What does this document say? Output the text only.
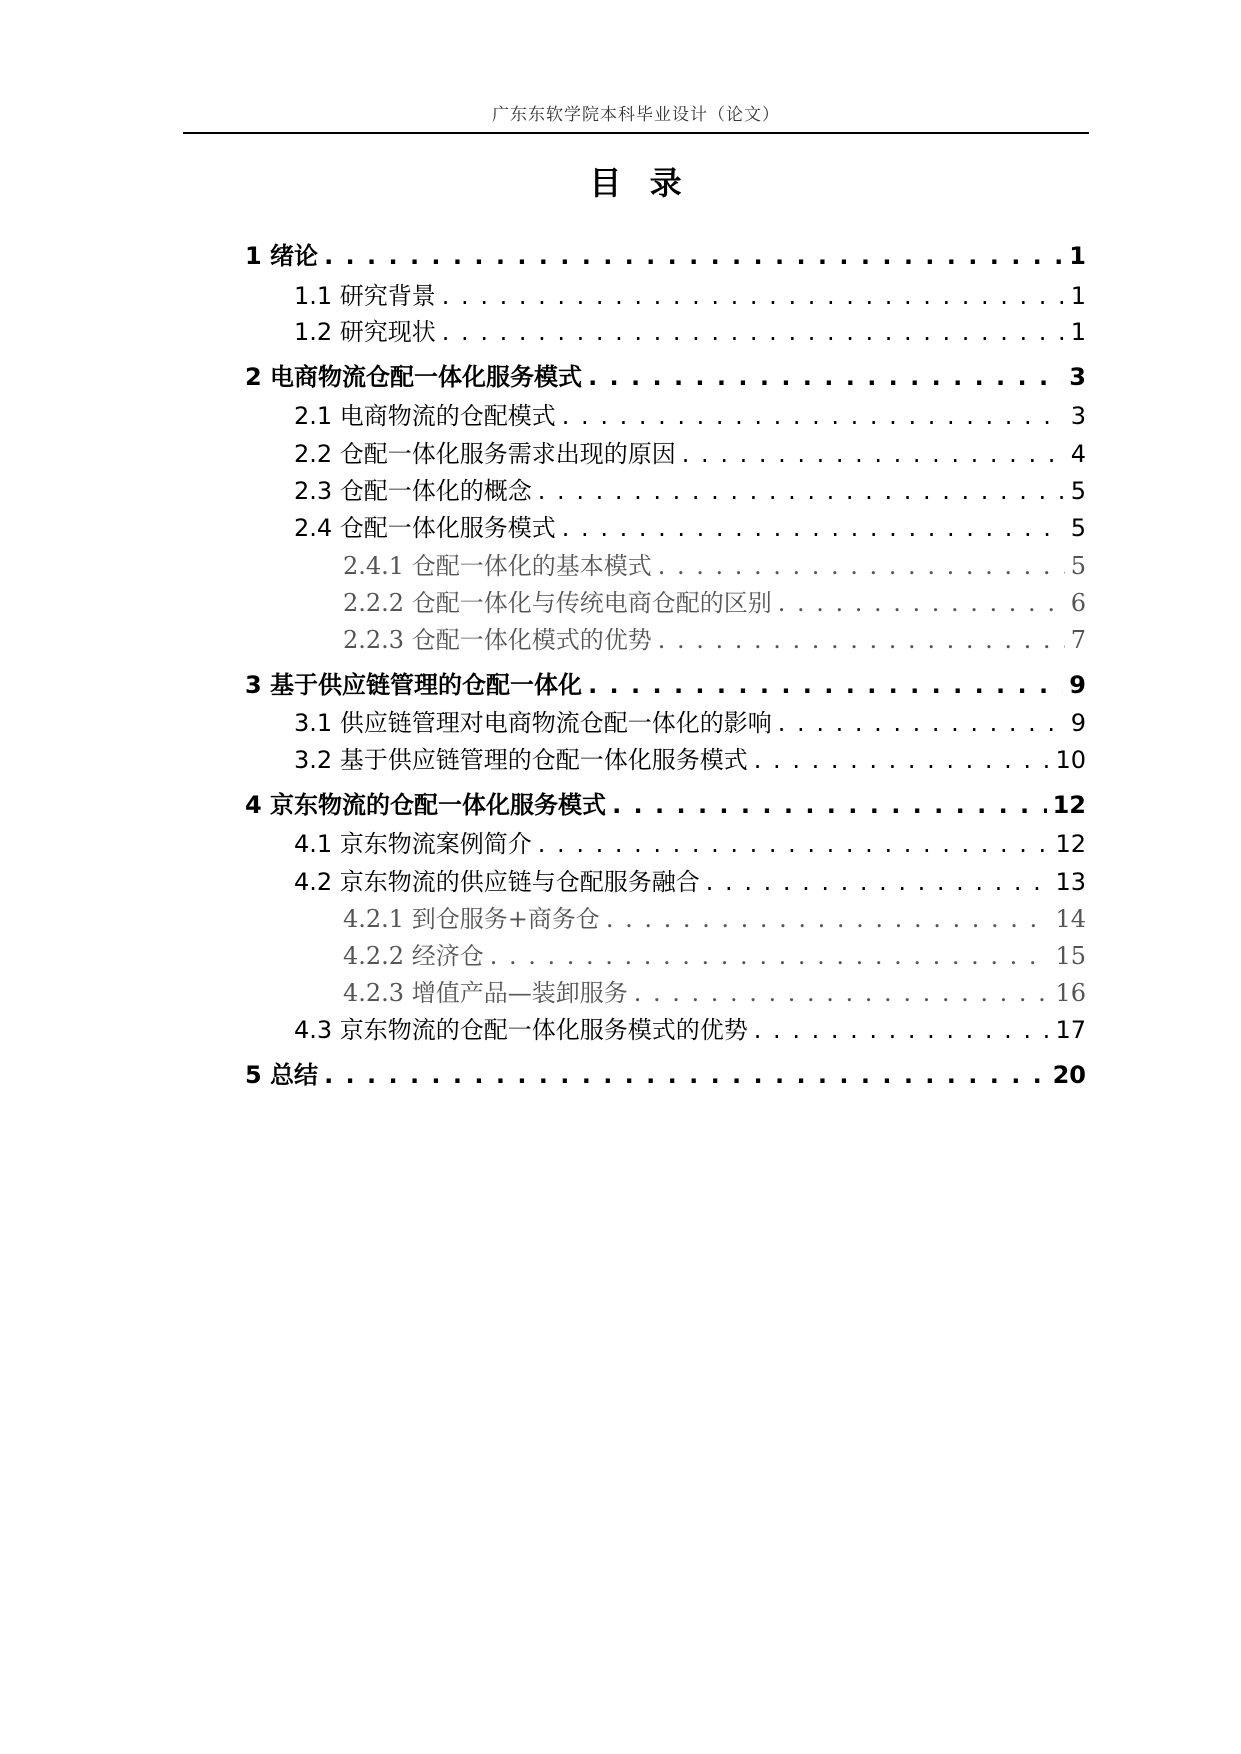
广东东软学院本科毕业设计（论文）
目  录
1 绪论 . . .	1
1.1 研究背景 . . .	1
1.2 研究现状 . . .	1
2 电商物流仓配一体化服务模式 . . .	3
2.1 电商物流的仓配模式 . . .	3
2.2 仓配一体化服务需求出现的原因 . . .	4
2.3 仓配一体化的概念 . . .	5
2.4 仓配一体化服务模式 . . .	5
2.4.1 仓配一体化的基本模式 . . .	5
2.2.2 仓配一体化与传统电商仓配的区别 . . .	6
2.2.3 仓配一体化模式的优势 . . .	7
3 基于供应链管理的仓配一体化 . . .	9
3.1 供应链管理对电商物流仓配一体化的影响 . . .	9
3.2 基于供应链管理的仓配一体化服务模式 . . .	10
4 京东物流的仓配一体化服务模式 . . .	12
4.1 京东物流案例简介 . . .	12
4.2 京东物流的供应链与仓配服务融合 . . .	13
4.2.1 到仓服务+商务仓 . . .	14
4.2.2 经济仓 . . .	15
4.2.3 增值产品—装卸服务 . . .	16
4.3 京东物流的仓配一体化服务模式的优势 . . .	17
5 总结 . . .	20
